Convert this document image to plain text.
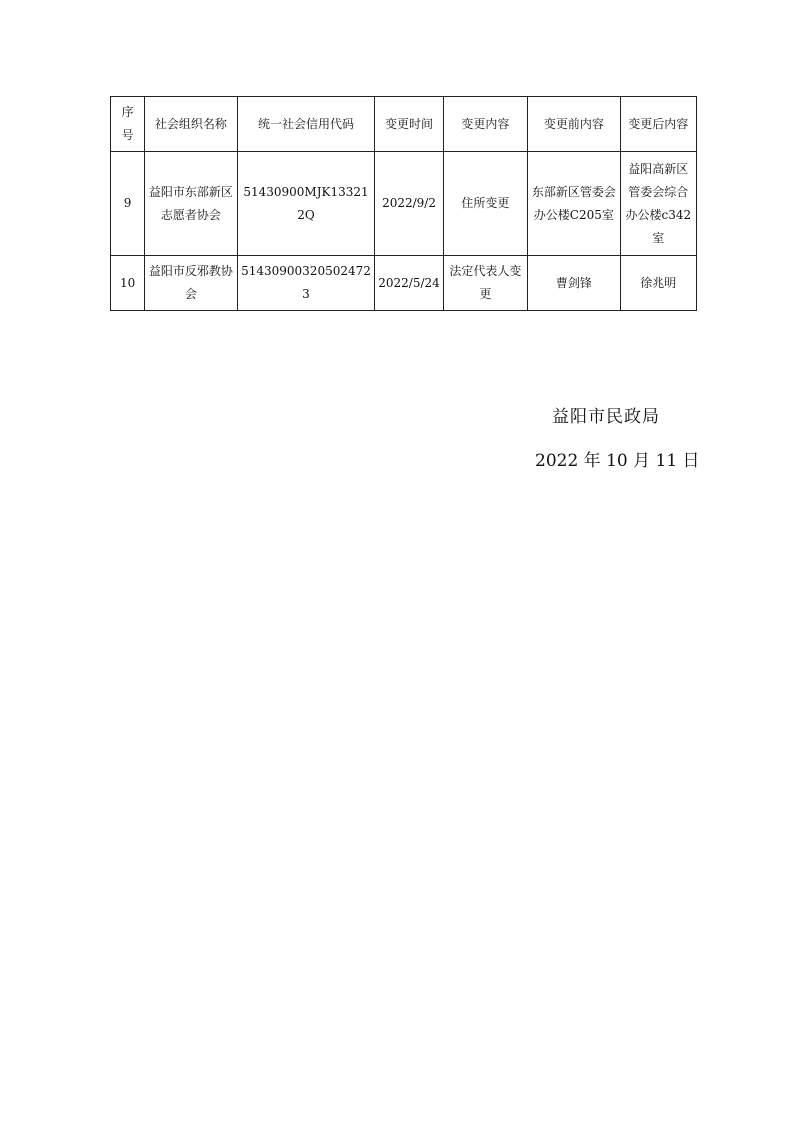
序号	社会组织名称	统一社会信用代码	变更时间	变更内容	变更前内容	变更后内容
9	益阳市东部新区志愿者协会	51430900MJK133212Q	2022/9/2	住所变更	东部新区管委会办公楼C205室	益阳高新区管委会综合办公楼c342室
10	益阳市反邪教协会	514309003205024723	2022/5/24	法定代表人变更	曹剑锋	徐兆明
益阳市民政局
2022 年 10 月 11 日
